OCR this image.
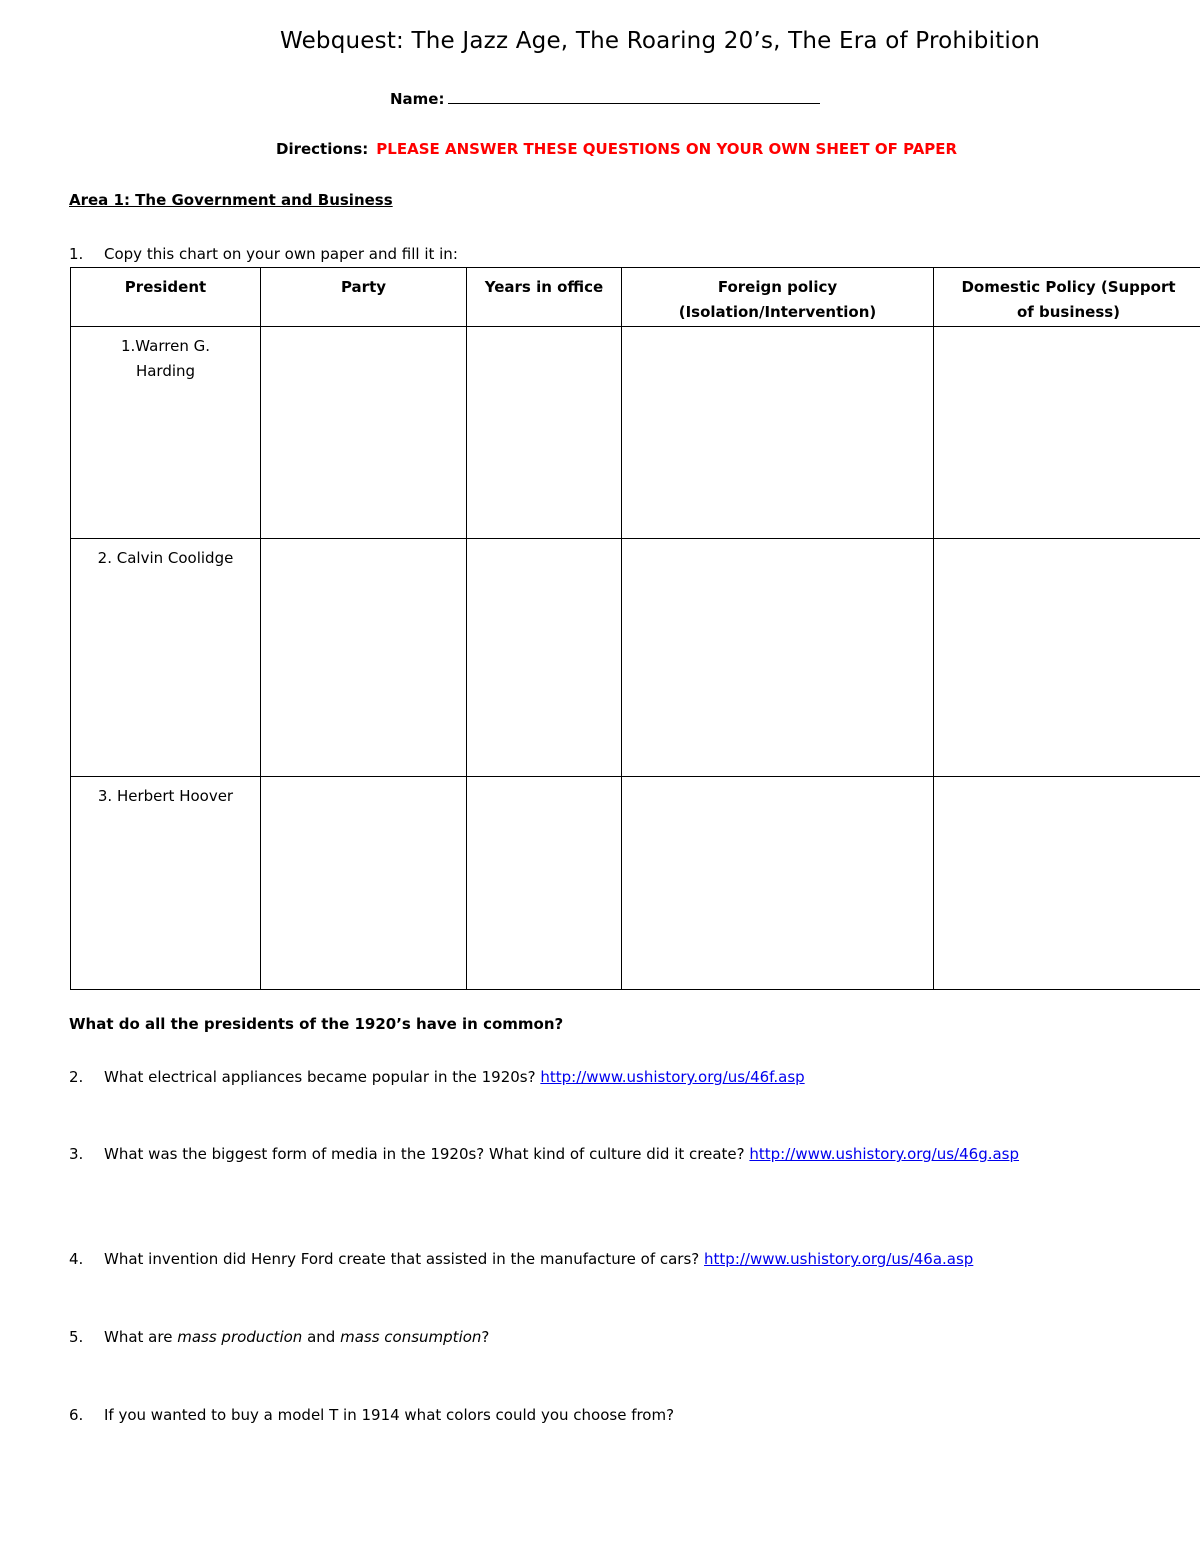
Webquest: The Jazz Age, The Roaring 20’s, The Era of Prohibition
Name:
Directions: PLEASE ANSWER THESE QUESTIONS ON YOUR OWN SHEET OF PAPER
Area 1: The Government and Business
1. Copy this chart on your own paper and fill it in:
President	Party	Years in office	Foreign policy (Isolation/Intervention)	Domestic Policy (Support of business)
1.Warren G. Harding				
2. Calvin Coolidge				
3. Herbert Hoover				
What do all the presidents of the 1920’s have in common?
2. What electrical appliances became popular in the 1920s? http://www.ushistory.org/us/46f.asp
3. What was the biggest form of media in the 1920s? What kind of culture did it create? http://www.ushistory.org/us/46g.asp
4. What invention did Henry Ford create that assisted in the manufacture of cars? http://www.ushistory.org/us/46a.asp
5. What are mass production and mass consumption?
6. If you wanted to buy a model T in 1914 what colors could you choose from?
